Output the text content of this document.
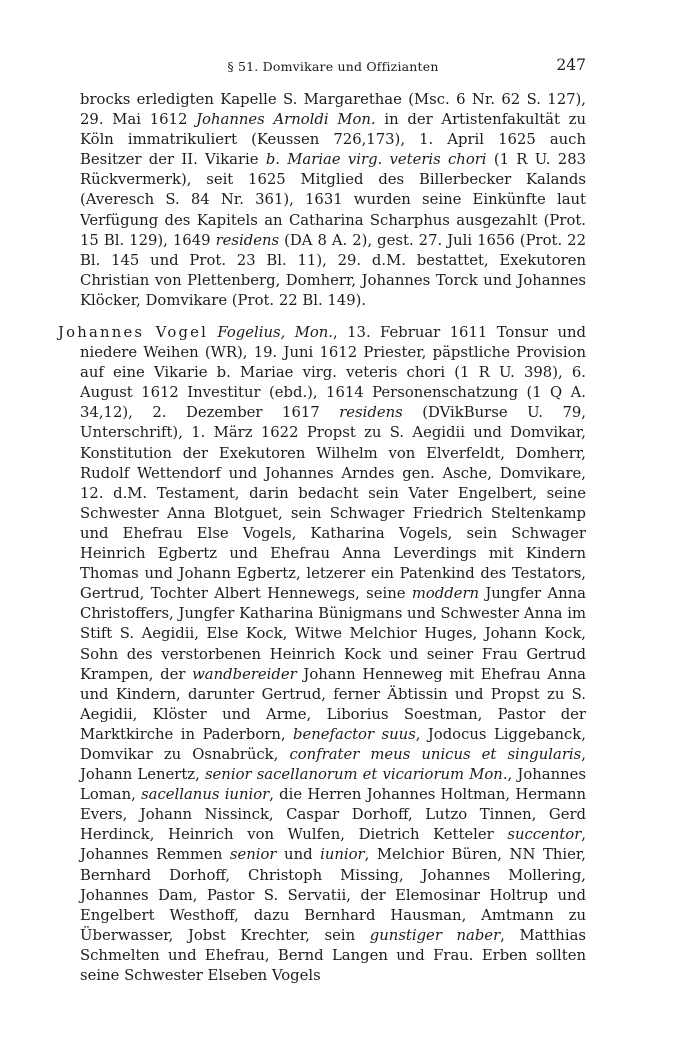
§ 51. Domvikare und Offizianten	247
brocks erledigten Kapelle S. Margarethae (Msc. 6 Nr. 62 S. 127), 29. Mai 1612 Johannes Arnoldi Mon. in der Artistenfakultät zu Köln immatrikuliert (Keussen 726,173), 1. April 1625 auch Besitzer der II. Vikarie b. Mariae virg. veteris chori (1 R U. 283 Rückvermerk), seit 1625 Mitglied des Billerbecker Kalands (Averesch S. 84 Nr. 361), 1631 wurden seine Einkünfte laut Verfügung des Kapitels an Catharina Scharphus ausgezahlt (Prot. 15 Bl. 129), 1649 residens (DA 8 A. 2), gest. 27. Juli 1656 (Prot. 22 Bl. 145 und Prot. 23 Bl. 11), 29. d.M. bestattet, Exekutoren Christian von Plettenberg, Domherr, Johannes Torck und Johannes Klöcker, Domvikare (Prot. 22 Bl. 149).
Johannes Vogel Fogelius, Mon., 13. Februar 1611 Tonsur und niedere Weihen (WR), 19. Juni 1612 Priester, päpstliche Provision auf eine Vikarie b. Mariae virg. veteris chori (1 R U. 398), 6. August 1612 Investitur (ebd.), 1614 Personenschatzung (1 Q A. 34,12), 2. Dezember 1617 residens (DVikBurse U. 79, Unterschrift), 1. März 1622 Propst zu S. Aegidii und Domvikar, Konstitution der Exekutoren Wilhelm von Elverfeldt, Domherr, Rudolf Wettendorf und Johannes Arndes gen. Asche, Domvikare, 12. d.M. Testament, darin bedacht sein Vater Engelbert, seine Schwester Anna Blotguet, sein Schwager Friedrich Steltenkamp und Ehefrau Else Vogels, Katharina Vogels, sein Schwager Heinrich Egbertz und Ehefrau Anna Leverdings mit Kindern Thomas und Johann Egbertz, letzerer ein Patenkind des Testators, Gertrud, Tochter Albert Hennewegs, seine moddern Jungfer Anna Christoffers, Jungfer Katharina Bünigmans und Schwester Anna im Stift S. Aegidii, Else Kock, Witwe Melchior Huges, Johann Kock, Sohn des verstorbenen Heinrich Kock und seiner Frau Gertrud Krampen, der wandbereider Johann Henneweg mit Ehefrau Anna und Kindern, darunter Gertrud, ferner Äbtissin und Propst zu S. Aegidii, Klöster und Arme, Liborius Soestman, Pastor der Marktkirche in Paderborn, benefactor suus, Jodocus Liggebanck, Domvikar zu Osnabrück, confrater meus unicus et singularis, Johann Lenertz, senior sacellanorum et vicariorum Mon., Johannes Loman, sacellanus iunior, die Herren Johannes Holtman, Hermann Evers, Johann Nissinck, Caspar Dorhoff, Lutzo Tinnen, Gerd Herdinck, Heinrich von Wulfen, Dietrich Ketteler succentor, Johannes Remmen senior und iunior, Melchior Büren, NN Thier, Bernhard Dorhoff, Christoph Missing, Johannes Mollering, Johannes Dam, Pastor S. Servatii, der Elemosinar Holtrup und Engelbert Westhoff, dazu Bernhard Hausman, Amtmann zu Überwasser, Jobst Krechter, sein gunstiger naber, Matthias Schmelten und Ehefrau, Bernd Langen und Frau. Erben sollten seine Schwester Elseben Vogels
